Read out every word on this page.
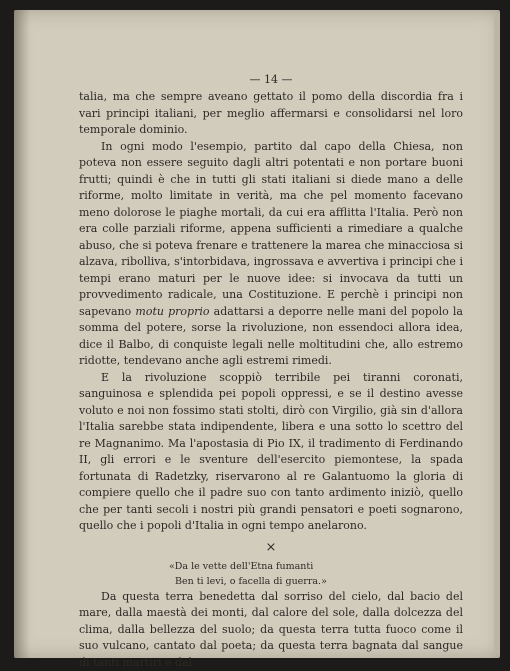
— 14 —

talia, ma che sempre aveano gettato il pomo della discordia fra i vari principi italiani, per meglio affermarsi e consolidarsi nel loro temporale dominio.

In ogni modo l'esempio, partito dal capo della Chiesa, non poteva non essere seguito dagli altri potentati e non portare buoni frutti; quindi è che in tutti gli stati italiani si diede mano a delle riforme, molto limitate in verità, ma che pel momento facevano meno dolorose le piaghe mortali, da cui era afflitta l'Italia. Però non era colle parziali riforme, appena sufficienti a rimediare a qualche abuso, che si poteva frenare e trattenere la marea che minacciosa si alzava, ribolliva, s'intorbidava, ingrossava e avvertiva i principi che i tempi erano maturi per le nuove idee: si invocava da tutti un provvedimento radicale, una Costituzione. E perchè i principi non sapevano motu proprio adattarsi a deporre nelle mani del popolo la somma del potere, sorse la rivoluzione, non essendoci allora idea, dice il Balbo, di conquiste legali nelle moltitudini che, allo estremo ridotte, tendevano anche agli estremi rimedi.

E la rivoluzione scoppiò terribile pei tiranni coronati, sanguinosa e splendida pei popoli oppressi, e se il destino avesse voluto e noi non fossimo stati stolti, dirò con Virgilio, già sin d'allora l'Italia sarebbe stata indipendente, libera e una sotto lo scettro del re Magnanimo. Ma l'apostasia di Pio IX, il tradimento di Ferdinando II, gli errori e le sventure dell'esercito piemontese, la spada fortunata di Radetzky, riservarono al re Galantuomo la gloria di compiere quello che il padre suo con tanto ardimento iniziò, quello che per tanti secoli i nostri più grandi pensatori e poeti sognarono, quello che i popoli d'Italia in ogni tempo anelarono.

×
«Da le vette dell'Etna fumanti
Ben ti levi, o facella di guerra.»

Da questa terra benedetta dal sorriso del cielo, dal bacio del mare, dalla maestà dei monti, dal calore del sole, dalla dolcezza del clima, dalla bellezza del suolo; da questa terra tutta fuoco come il suo vulcano, cantato dal poeta; da questa terra bagnata dal sangue di tanti martiri e dal
